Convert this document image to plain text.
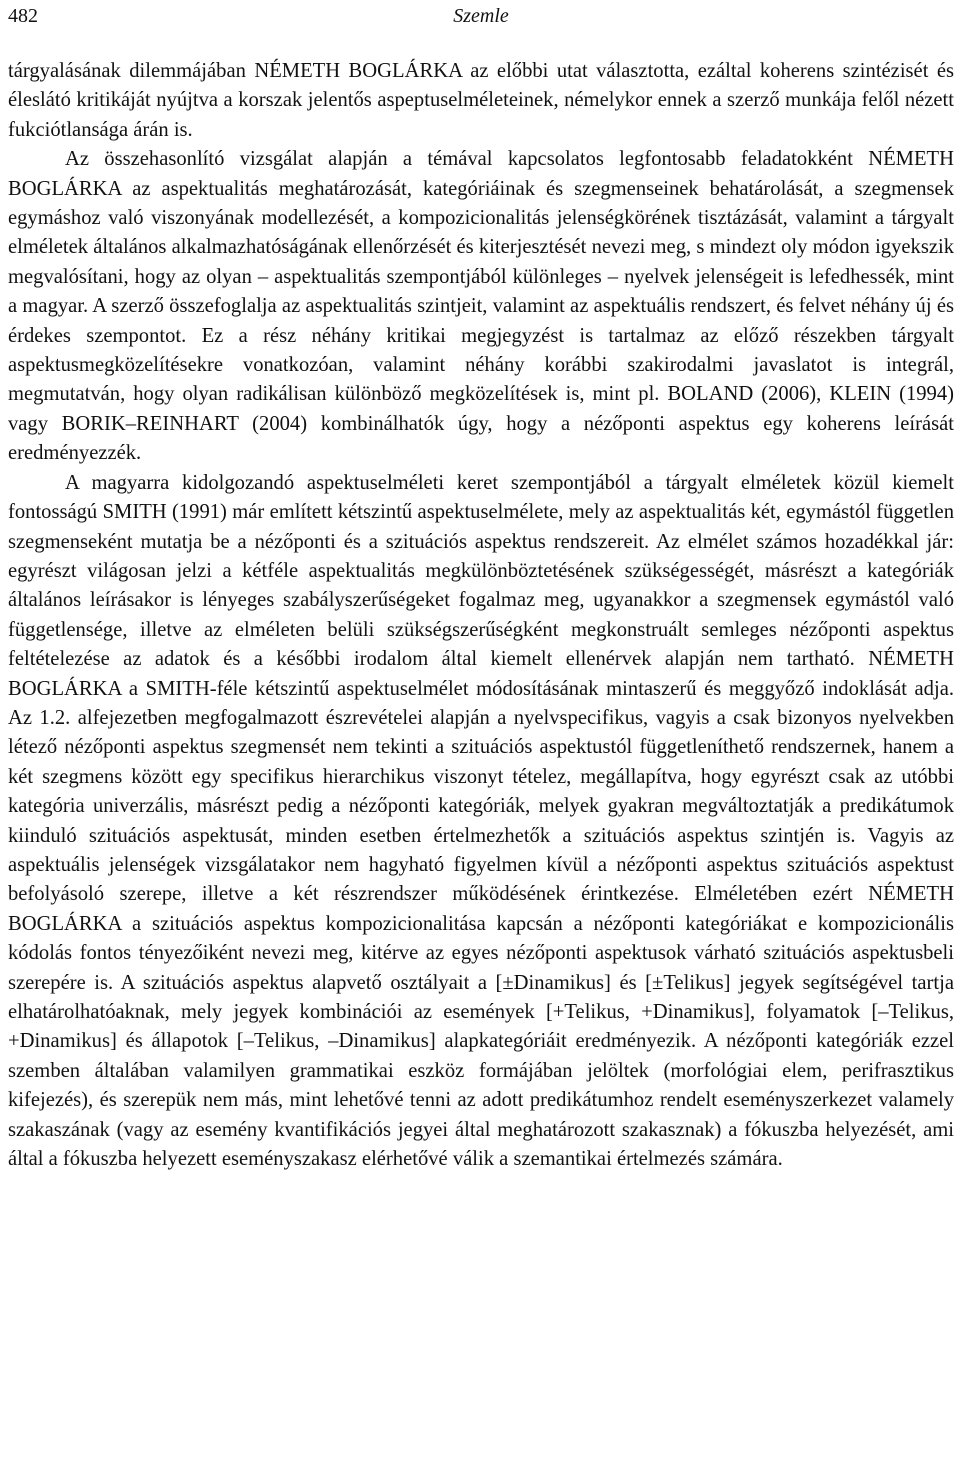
482	Szemle

tárgyalásának dilemmájában NÉMETH BOGLÁRKA az előbbi utat választotta, ezáltal koherens szintézisét és éleslátó kritikáját nyújtva a korszak jelentős aspeptuselméleteinek, némelykor ennek a szerző munkája felől nézett fukciótlansága árán is.

Az összehasonlító vizsgálat alapján a témával kapcsolatos legfontosabb feladatokként NÉMETH BOGLÁRKA az aspektualitás meghatározását, kategóriáinak és szegmenseinek behatárolását, a szegmensek egymáshoz való viszonyának modellezését, a kompozicionalitás jelenségkörének tisztázását, valamint a tárgyalt elméletek általános alkalmazhatóságának ellenőrzését és kiterjesztését nevezi meg, s mindezt oly módon igyekszik megvalósítani, hogy az olyan – aspektualitás szempontjából különleges – nyelvek jelenségeit is lefedhessék, mint a magyar. A szerző összefoglalja az aspektualitás szintjeit, valamint az aspektuális rendszert, és felvet néhány új és érdekes szempontot. Ez a rész néhány kritikai megjegyzést is tartalmaz az előző részekben tárgyalt aspektusmegközelítésekre vonatkozóan, valamint néhány korábbi szakirodalmi javaslatot is integrál, megmutatván, hogy olyan radikálisan különböző megközelítések is, mint pl. BOLAND (2006), KLEIN (1994) vagy BORIK–REINHART (2004) kombinálhatók úgy, hogy a nézőponti aspektus egy koherens leírását eredményezzék.

A magyarra kidolgozandó aspektuselméleti keret szempontjából a tárgyalt elméletek közül kiemelt fontosságú SMITH (1991) már említett kétszintű aspektuselmélete, mely az aspektualitás két, egymástól független szegmenseként mutatja be a nézőponti és a szituációs aspektus rendszereit. Az elmélet számos hozadékkal jár: egyrészt világosan jelzi a kétféle aspektualitás megkülönböztetésének szükségességét, másrészt a kategóriák általános leírásakor is lényeges szabályszerűségeket fogalmaz meg, ugyanakkor a szegmensek egymástól való függetlensége, illetve az elméleten belüli szükségszerűségként megkonstruált semleges nézőponti aspektus feltételezése az adatok és a későbbi irodalom által kiemelt ellenérvek alapján nem tartható. NÉMETH BOGLÁRKA a SMITH-féle kétszintű aspektuselmélet módosításának mintaszerű és meggyőző indoklását adja. Az 1.2. alfejezetben megfogalmazott észrevételei alapján a nyelvspecifikus, vagyis a csak bizonyos nyelvekben létező nézőponti aspektus szegmensét nem tekinti a szituációs aspektustól függetleníthető rendszernek, hanem a két szegmens között egy specifikus hierarchikus viszonyt tételez, megállapítva, hogy egyrészt csak az utóbbi kategória univerzális, másrészt pedig a nézőponti kategóriák, melyek gyakran megváltoztatják a predikátumok kiinduló szituációs aspektusát, minden esetben értelmezhetők a szituációs aspektus szintjén is. Vagyis az aspektuális jelenségek vizsgálatakor nem hagyható figyelmen kívül a nézőponti aspektus szituációs aspektust befolyásoló szerepe, illetve a két részrendszer működésének érintkezése. Elméletében ezért NÉMETH BOGLÁRKA a szituációs aspektus kompozicionalitása kapcsán a nézőponti kategóriákat e kompozicionális kódolás fontos tényezőiként nevezi meg, kitérve az egyes nézőponti aspektusok várható szituációs aspektusbeli szerepére is. A szituációs aspektus alapvető osztályait a [±Dinamikus] és [±Telikus] jegyek segítségével tartja elhatárolhatóaknak, mely jegyek kombinációi az események [+Telikus, +Dinamikus], folyamatok [–Telikus, +Dinamikus] és állapotok [–Telikus, –Dinamikus] alapkategóriáit eredményezik. A nézőponti kategóriák ezzel szemben általában valamilyen grammatikai eszköz formájában jelöltek (morfológiai elem, perifrasztikus kifejezés), és szerepük nem más, mint lehetővé tenni az adott predikátumhoz rendelt eseményszerkezet valamely szakaszának (vagy az esemény kvantifikációs jegyei által meghatározott szakasznak) a fókuszba helyezését, ami által a fókuszba helyezett eseményszakasz elérhetővé válik a szemantikai értelmezés számára.
